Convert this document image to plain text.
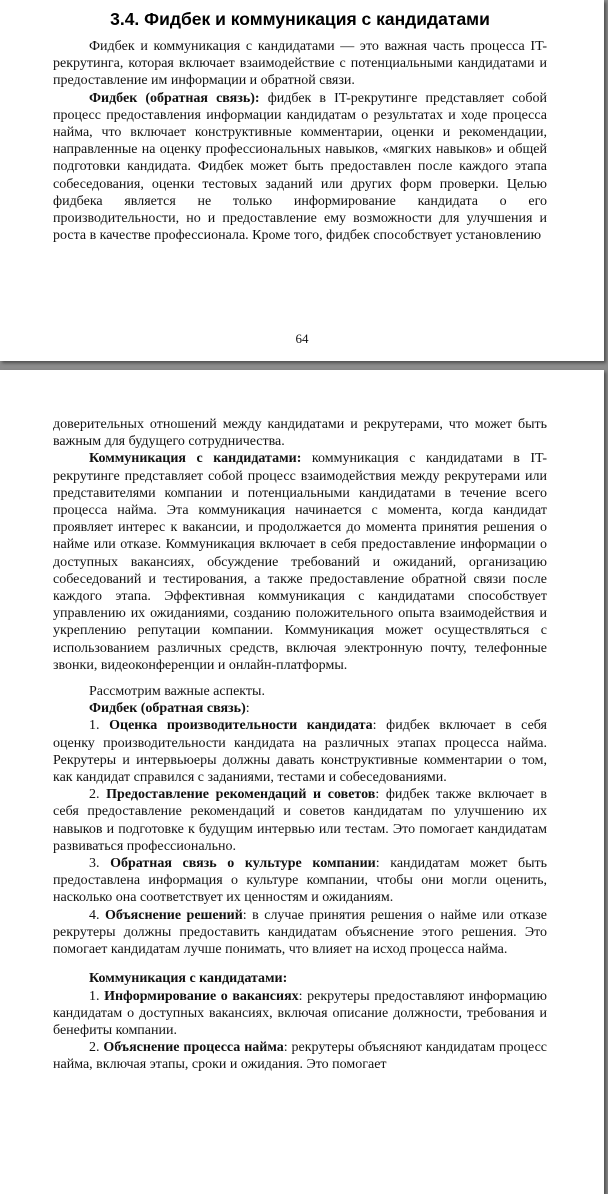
3.4. Фидбек и коммуникация с кандидатами

Фидбек и коммуникация с кандидатами — это важная часть процесса IT-рекрутинга, которая включает взаимодействие с потенциальными кандидатами и предоставление им информации и обратной связи.

Фидбек (обратная связь): фидбек в IT-рекрутинге представляет собой процесс предоставления информации кандидатам о результатах и ходе процесса найма, что включает конструктивные комментарии, оценки и рекомендации, направленные на оценку профессиональных навыков, «мягких навыков» и общей подготовки кандидата. Фидбек может быть предоставлен после каждого этапа собеседования, оценки тестовых заданий или других форм проверки. Целью фидбека является не только информирование кандидата о его производительности, но и предоставление ему возможности для улучшения и роста в качестве профессионала. Кроме того, фидбек способствует установлению

64

доверительных отношений между кандидатами и рекрутерами, что может быть важным для будущего сотрудничества.

Коммуникация с кандидатами: коммуникация с кандидатами в IT-рекрутинге представляет собой процесс взаимодействия между рекрутерами или представителями компании и потенциальными кандидатами в течение всего процесса найма. Эта коммуникация начинается с момента, когда кандидат проявляет интерес к вакансии, и продолжается до момента принятия решения о найме или отказе. Коммуникация включает в себя предоставление информации о доступных вакансиях, обсуждение требований и ожиданий, организацию собеседований и тестирования, а также предоставление обратной связи после каждого этапа. Эффективная коммуникация с кандидатами способствует управлению их ожиданиями, созданию положительного опыта взаимодействия и укреплению репутации компании. Коммуникация может осуществляться с использованием различных средств, включая электронную почту, телефонные звонки, видеоконференции и онлайн-платформы.

Рассмотрим важные аспекты.

Фидбек (обратная связь):

1. Оценка производительности кандидата: фидбек включает в себя оценку производительности кандидата на различных этапах процесса найма. Рекрутеры и интервьюеры должны давать конструктивные комментарии о том, как кандидат справился с заданиями, тестами и собеседованиями.

2. Предоставление рекомендаций и советов: фидбек также включает в себя предоставление рекомендаций и советов кандидатам по улучшению их навыков и подготовке к будущим интервью или тестам. Это помогает кандидатам развиваться профессионально.

3. Обратная связь о культуре компании: кандидатам может быть предоставлена информация о культуре компании, чтобы они могли оценить, насколько она соответствует их ценностям и ожиданиям.

4. Объяснение решений: в случае принятия решения о найме или отказе рекрутеры должны предоставить кандидатам объяснение этого решения. Это помогает кандидатам лучше понимать, что влияет на исход процесса найма.

Коммуникация с кандидатами:

1. Информирование о вакансиях: рекрутеры предоставляют информацию кандидатам о доступных вакансиях, включая описание должности, требования и бенефиты компании.

2. Объяснение процесса найма: рекрутеры объясняют кандидатам процесс найма, включая этапы, сроки и ожидания. Это помогает
